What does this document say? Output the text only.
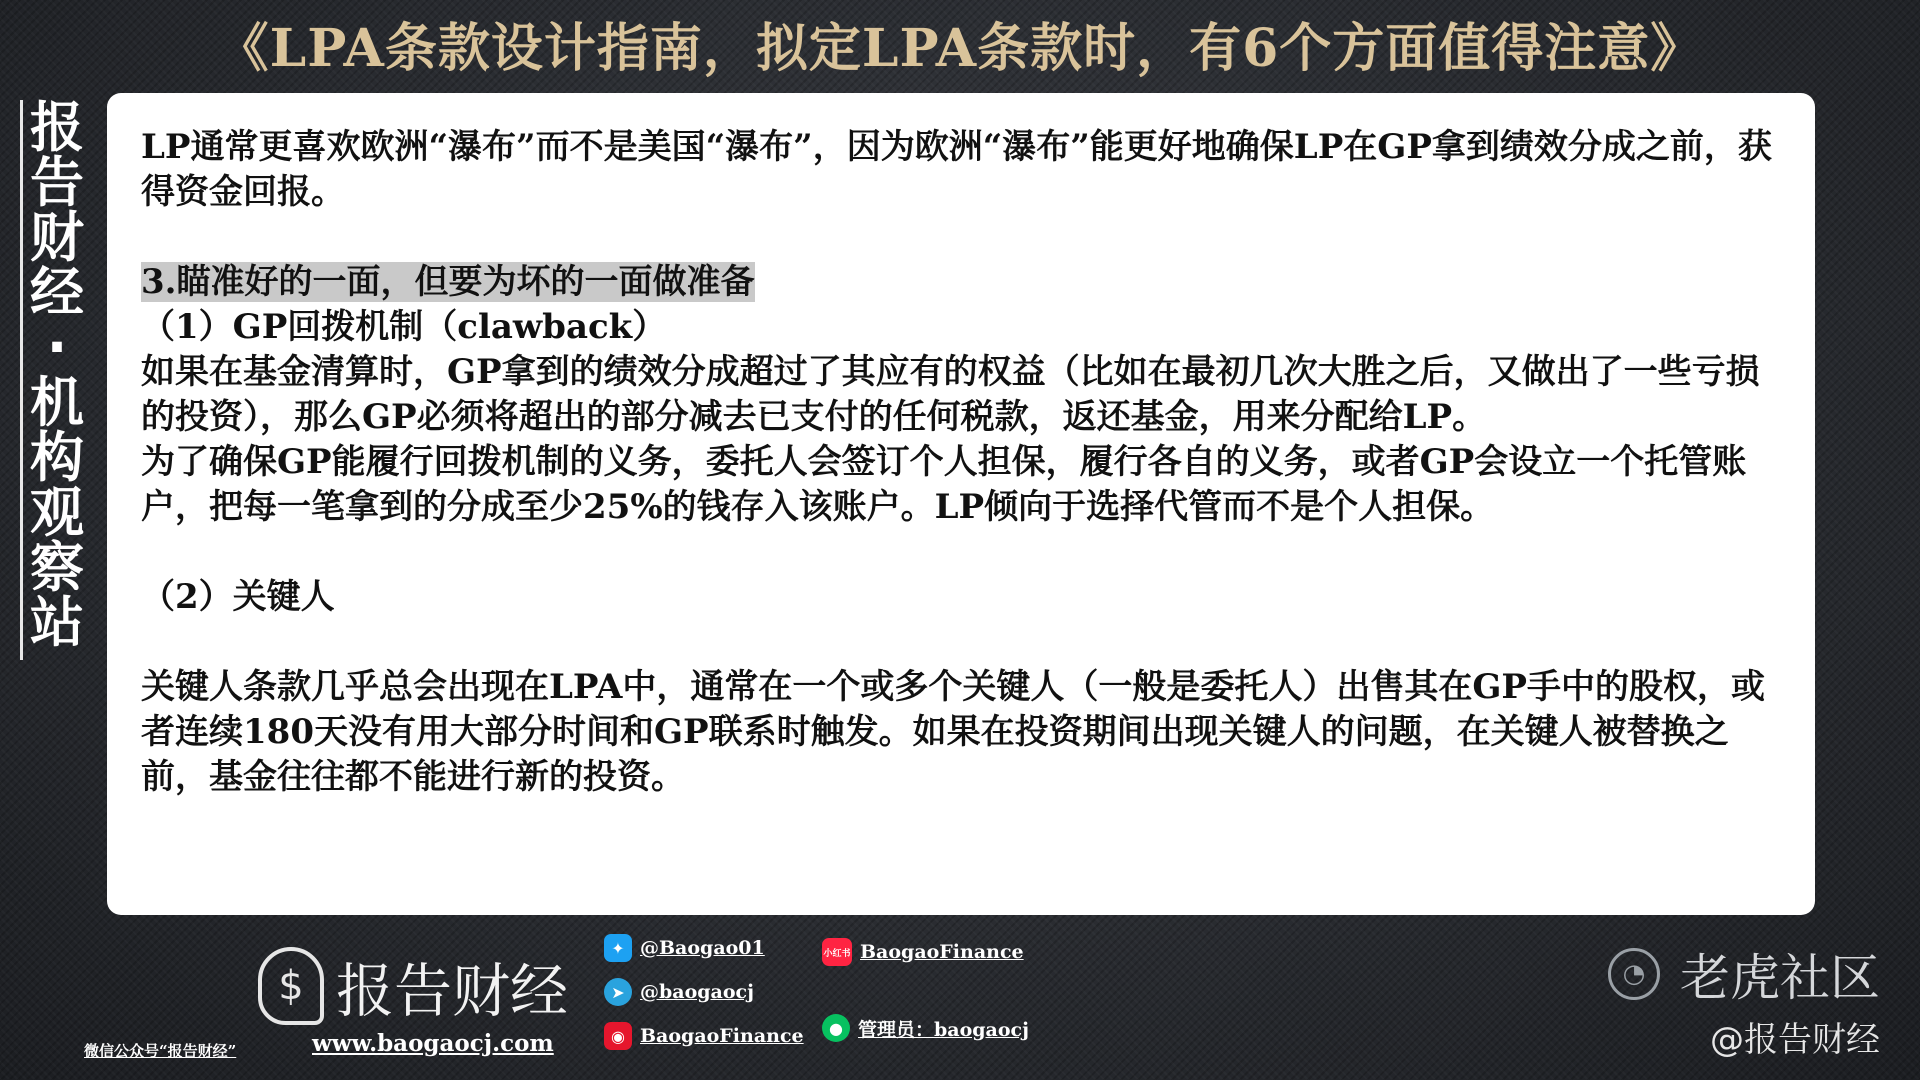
《LPA条款设计指南，拟定LPA条款时，有6个方面值得注意》
报
告
财
经
·
机
构
观
察
站

LP通常更喜欢欧洲“瀑布”而不是美国“瀑布”，因为欧洲“瀑布”能更好地确保LP在GP拿到绩效分成之前，获得资金回报。

3.瞄准好的一面，但要为坏的一面做准备

（1）GP回拨机制（clawback）

如果在基金清算时，GP拿到的绩效分成超过了其应有的权益（比如在最初几次大胜之后，又做出了一些亏损的投资），那么GP必须将超出的部分减去已支付的任何税款，返还基金，用来分配给LP。

为了确保GP能履行回拨机制的义务，委托人会签订个人担保，履行各自的义务，或者GP会设立一个托管账户，把每一笔拿到的分成至少25%的钱存入该账户。LP倾向于选择代管而不是个人担保。

（2）关键人

关键人条款几乎总会出现在LPA中，通常在一个或多个关键人（一般是委托人）出售其在GP手中的股权，或者连续180天没有用大部分时间和GP联系时触发。如果在投资期间出现关键人的问题，在关键人被替换之前，基金往往都不能进行新的投资。

$ 报告财经
微信公众号“报告财经”	www.baogaocj.com
✦ @Baogao01
➤ @baogaocj
◉ BaogaoFinance
小红书 BaogaoFinance
● 管理员：baogaocj
◔ 老虎社区
@报告财经
